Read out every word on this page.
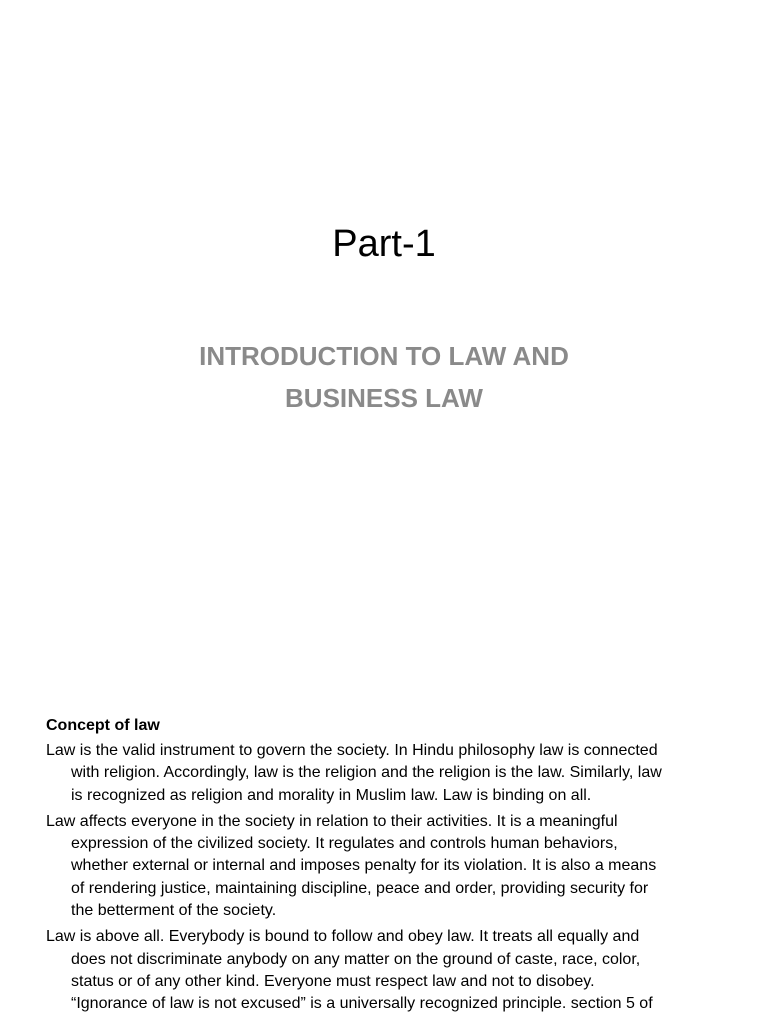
Part-1
INTRODUCTION TO LAW AND
BUSINESS LAW
Concept of law

Law is the valid instrument to govern the society. In Hindu philosophy law is connected
with religion. Accordingly, law is the religion and the religion is the law. Similarly, law
is recognized as religion and morality in Muslim law. Law is binding on all.

Law affects everyone in the society in relation to their activities. It is a meaningful
expression of the civilized society. It regulates and controls human behaviors,
whether external or internal and imposes penalty for its violation. It is also a means
of rendering justice, maintaining discipline, peace and order, providing security for
the betterment of the society.

Law is above all. Everybody is bound to follow and obey law. It treats all equally and
does not discriminate anybody on any matter on the ground of caste, race, color,
status or of any other kind. Everyone must respect law and not to disobey.
“Ignorance of law is not excused” is a universally recognized principle. section 5 of
